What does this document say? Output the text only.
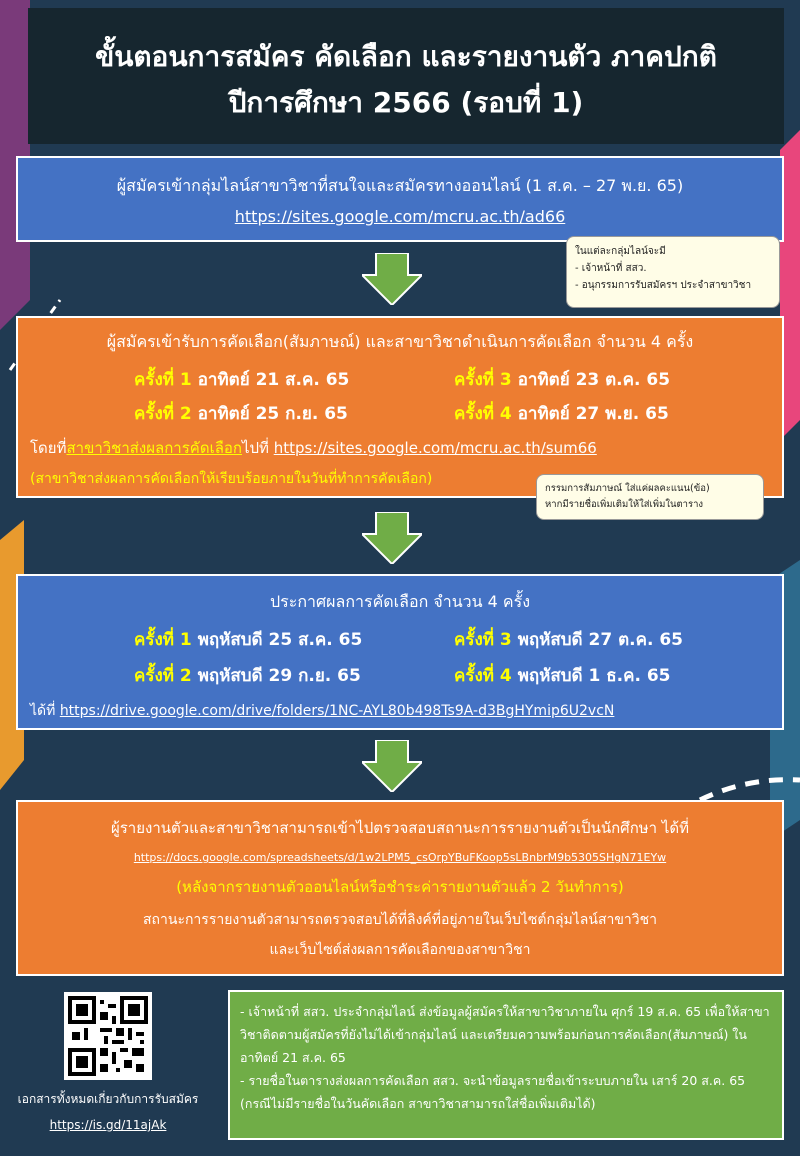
ขั้นตอนการสมัคร คัดเลือก และรายงานตัว ภาคปกติ
ปีการศึกษา 2566 (รอบที่ 1)
ผู้สมัครเข้ากลุ่มไลน์สาขาวิชาที่สนใจและสมัครทางออนไลน์ (1 ส.ค. – 27 พ.ย. 65)
https://sites.google.com/mcru.ac.th/ad66
ในแต่ละกลุ่มไลน์จะมี
- เจ้าหน้าที่ สสว.
- อนุกรรมการรับสมัครฯ ประจำสาขาวิชา
ผู้สมัครเข้ารับการคัดเลือก(สัมภาษณ์) และสาขาวิชาดำเนินการคัดเลือก จำนวน 4 ครั้ง
ครั้งที่ 1 อาทิตย์ 21 ส.ค. 65	ครั้งที่ 3 อาทิตย์ 23 ต.ค. 65
ครั้งที่ 2 อาทิตย์ 25 ก.ย. 65	ครั้งที่ 4 อาทิตย์ 27 พ.ย. 65
โดยที่สาขาวิชาส่งผลการคัดเลือกไปที่ https://sites.google.com/mcru.ac.th/sum66
(สาขาวิชาส่งผลการคัดเลือกให้เรียบร้อยภายในวันที่ทำการคัดเลือก)
กรรมการสัมภาษณ์ ใส่แค่ผลคะแนน(ข้อ)
หากมีรายชื่อเพิ่มเติมให้ใส่เพิ่มในตาราง
ประกาศผลการคัดเลือก จำนวน 4 ครั้ง
ครั้งที่ 1 พฤหัสบดี 25 ส.ค. 65	ครั้งที่ 3 พฤหัสบดี 27 ต.ค. 65
ครั้งที่ 2 พฤหัสบดี 29 ก.ย. 65	ครั้งที่ 4 พฤหัสบดี 1 ธ.ค. 65
ได้ที่ https://drive.google.com/drive/folders/1NC-AYL80b498Ts9A-d3BgHYmip6U2vcN
ผู้รายงานตัวและสาขาวิชาสามารถเข้าไปตรวจสอบสถานะการรายงานตัวเป็นนักศึกษา ได้ที่
https://docs.google.com/spreadsheets/d/1w2LPM5_csOrpYBuFKoop5sLBnbrM9b5305SHgN71EYw
(หลังจากรายงานตัวออนไลน์หรือชำระค่ารายงานตัวแล้ว 2 วันทำการ)
สถานะการรายงานตัวสามารถตรวจสอบได้ที่ลิงค์ที่อยู่ภายในเว็บไซต์กลุ่มไลน์สาขาวิชา
และเว็บไซต์ส่งผลการคัดเลือกของสาขาวิชา
เอกสารทั้งหมดเกี่ยวกับการรับสมัคร
https://is.gd/11ajAk
- เจ้าหน้าที่ สสว. ประจำกลุ่มไลน์ ส่งข้อมูลผู้สมัครให้สาขาวิชาภายใน ศุกร์ 19 ส.ค. 65 เพื่อให้สาขาวิชาติดตามผู้สมัครที่ยังไม่ได้เข้ากลุ่มไลน์ และเตรียมความพร้อมก่อนการคัดเลือก(สัมภาษณ์) ใน อาทิตย์ 21 ส.ค. 65
- รายชื่อในตารางส่งผลการคัดเลือก สสว. จะนำข้อมูลรายชื่อเข้าระบบภายใน เสาร์ 20 ส.ค. 65 (กรณีไม่มีรายชื่อในวันคัดเลือก สาขาวิชาสามารถใส่ชื่อเพิ่มเติมได้)
